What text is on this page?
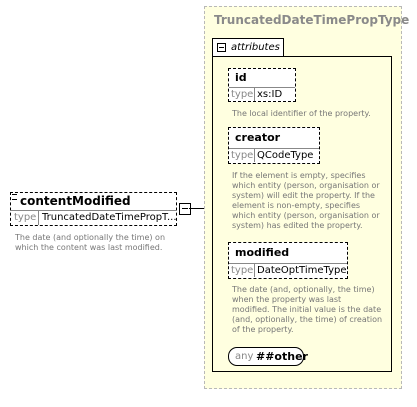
contentModified
type TruncatedDateTimePropT...
The date (and optionally the time) on
which the content was last modified.
TruncatedDateTimePropType
attributes
id
type xs:ID
The local identifier of the property.
creator
type QCodeType
If the element is empty, specifies
which entity (person, organisation or
system) will edit the property. If the
element is non-empty, specifies
which entity (person, organisation or
system) has edited the property.
modified
type DateOptTimeType
The date (and, optionally, the time)
when the property was last
modified. The initial value is the date
(and, optionally, the time) of creation
of the property.
any ##other
